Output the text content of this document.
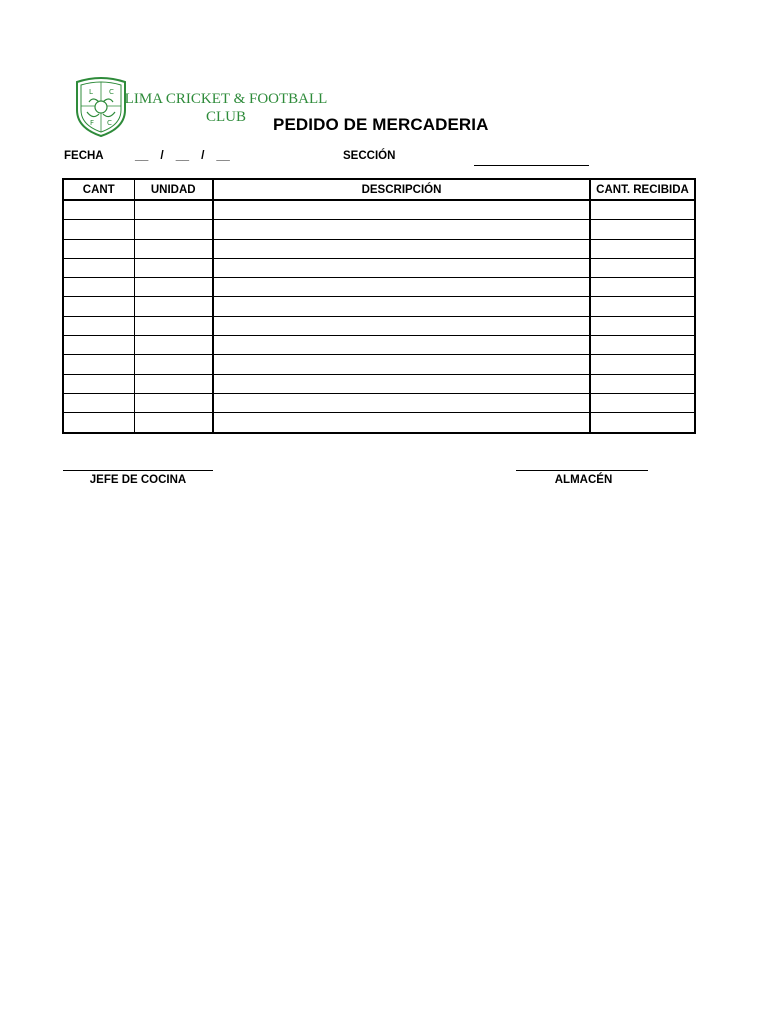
L C
F C
LIMA CRICKET & FOOTBALL
CLUB	PEDIDO DE MERCADERIA
FECHA	__ / __ / __	SECCIÓN
CANT	UNIDAD	DESCRIPCIÓN	CANT. RECIBIDA

JEFE DE COCINA	ALMACÉN
